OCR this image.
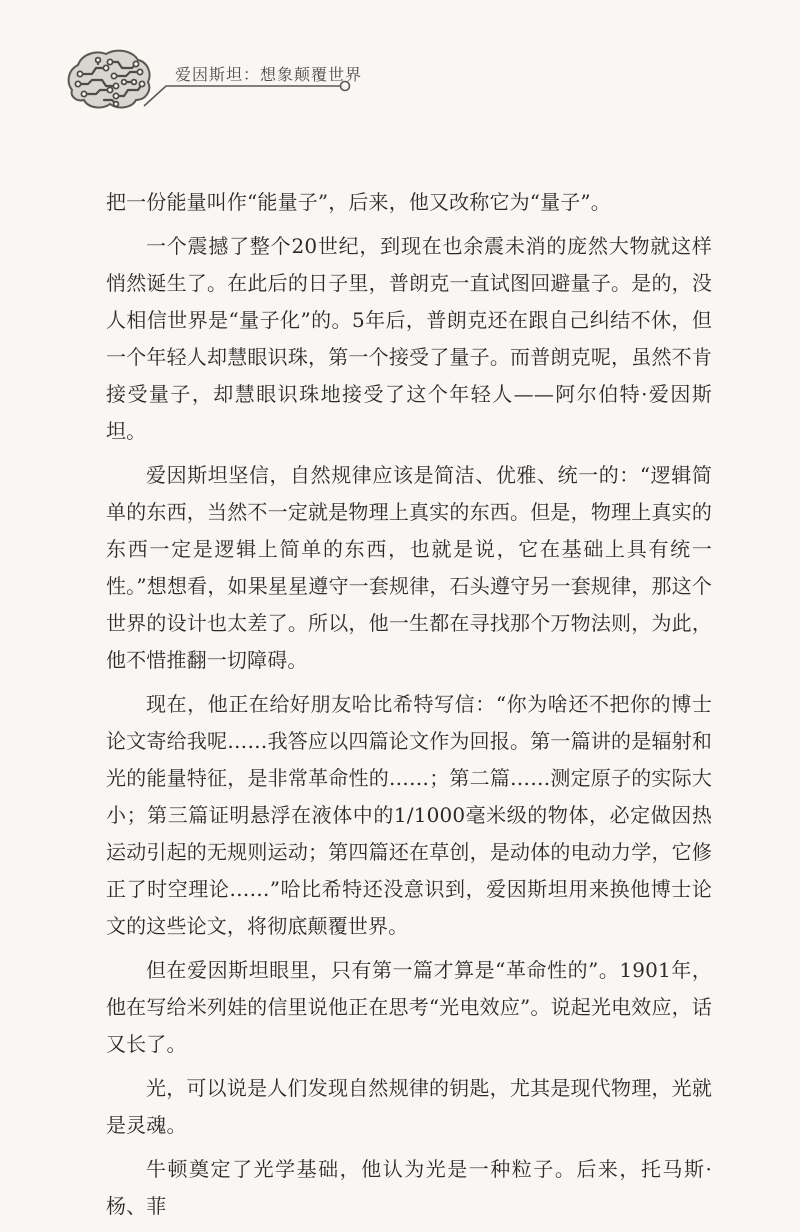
爱因斯坦：想象颠覆世界

把一份能量叫作“能量子”，后来，他又改称它为“量子”。

一个震撼了整个20世纪，到现在也余震未消的庞然大物就这样悄然诞生了。在此后的日子里，普朗克一直试图回避量子。是的，没人相信世界是“量子化”的。5年后，普朗克还在跟自己纠结不休，但一个年轻人却慧眼识珠，第一个接受了量子。而普朗克呢，虽然不肯接受量子，却慧眼识珠地接受了这个年轻人——阿尔伯特·爱因斯坦。

爱因斯坦坚信，自然规律应该是简洁、优雅、统一的：“逻辑简单的东西，当然不一定就是物理上真实的东西。但是，物理上真实的东西一定是逻辑上简单的东西，也就是说，它在基础上具有统一性。”想想看，如果星星遵守一套规律，石头遵守另一套规律，那这个世界的设计也太差了。所以，他一生都在寻找那个万物法则，为此，他不惜推翻一切障碍。

现在，他正在给好朋友哈比希特写信：“你为啥还不把你的博士论文寄给我呢……我答应以四篇论文作为回报。第一篇讲的是辐射和光的能量特征，是非常革命性的……；第二篇……测定原子的实际大小；第三篇证明悬浮在液体中的1/1000毫米级的物体，必定做因热运动引起的无规则运动；第四篇还在草创，是动体的电动力学，它修正了时空理论……”哈比希特还没意识到，爱因斯坦用来换他博士论文的这些论文，将彻底颠覆世界。

但在爱因斯坦眼里，只有第一篇才算是“革命性的”。1901年，他在写给米列娃的信里说他正在思考“光电效应”。说起光电效应，话又长了。

光，可以说是人们发现自然规律的钥匙，尤其是现代物理，光就是灵魂。

牛顿奠定了光学基础，他认为光是一种粒子。后来，托马斯·杨、菲
